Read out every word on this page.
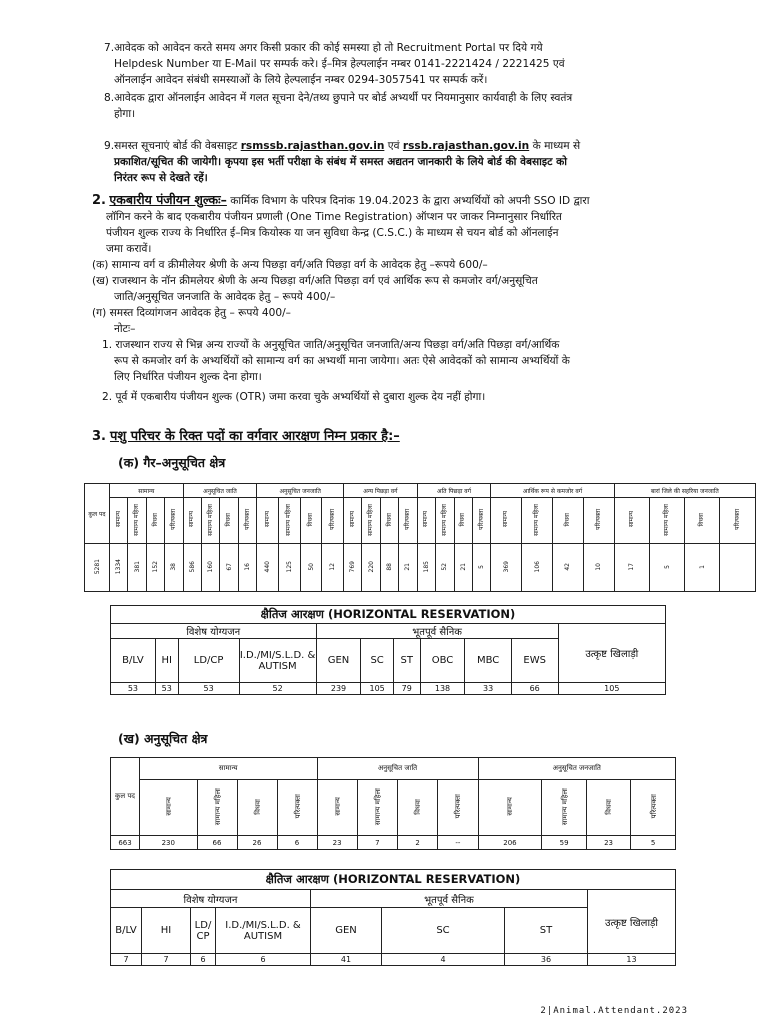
7.आवेदक को आवेदन करते समय अगर किसी प्रकार की कोई समस्या हो तो Recruitment Portal पर दिये गये
Helpdesk Number या E-Mail पर सम्पर्क करे। ई–मित्र हेल्पलाईन नम्बर 0141-2221424 / 2221425 एवं
ऑनलाईन आवेदन संबंधी समस्याओं के लिये हेल्पलाईन नम्बर 0294-3057541 पर सम्पर्क करें।
8.आवेदक द्वारा ऑनलाईन आवेदन में गलत सूचना देने/तथ्य छुपाने पर बोर्ड अभ्यर्थी पर नियमानुसार कार्यवाही के लिए स्वतंत्र
होगा।
9.समस्त सूचनाएं बोर्ड की वेबसाइट rsmssb.rajasthan.gov.in एवं rssb.rajasthan.gov.in के माध्यम से
प्रकाशित/सूचित की जायेगी। कृपया इस भर्ती परीक्षा के संबंध में समस्त अद्यतन जानकारी के लिये बोर्ड की वेबसाइट को
निरंतर रूप से देखते रहें।
2. एकबारीय पंजीयन शुल्कः– कार्मिक विभाग के परिपत्र दिनांक 19.04.2023 के द्वारा अभ्यर्थियों को अपनी SSO ID द्वारा
लॉगिन करने के बाद एकबारीय पंजीयन प्रणाली (One Time Registration) ऑप्शन पर जाकर निम्नानुसार निर्धारित
पंजीयन शुल्क राज्य के निर्धारित ई–मित्र कियोस्क या जन सुविधा केन्द्र (C.S.C.) के माध्यम से चयन बोर्ड को ऑनलाईन
जमा करावें।
(क) सामान्य वर्ग व क्रीमीलेयर श्रेणी के अन्य पिछड़ा वर्ग/अति पिछड़ा वर्ग के आवेदक हेतु –रूपये 600/–
(ख) राजस्थान के नॉन क्रीमलेयर श्रेणी के अन्य पिछड़ा वर्ग/अति पिछड़ा वर्ग एवं आर्थिक रूप से कमजोर वर्ग/अनुसूचित
जाति/अनुसूचित जनजाति के आवेदक हेतु – रूपये 400/–
(ग) समस्त दिव्यांगजन आवेदक हेतु – रूपये 400/–
नोटः–
1. राजस्थान राज्य से भिन्न अन्य राज्यों के अनुसूचित जाति/अनुसूचित जनजाति/अन्य पिछड़ा वर्ग/अति पिछड़ा वर्ग/आर्थिक
रूप से कमजोर वर्ग के अभ्यर्थियों को सामान्य वर्ग का अभ्यर्थी माना जायेगा। अतः ऐसे आवेदकों को सामान्य अभ्यर्थियों के
लिए निर्धारित पंजीयन शुल्क देना होगा।
2. पूर्व में एकबारीय पंजीयन शुल्क (OTR) जमा करवा चुके अभ्यर्थियों से दुबारा शुल्क देय नहीं होगा।
3. पशु परिचर के रिक्त पदों का वर्गवार आरक्षण निम्न प्रकार है:–
(क) गैर–अनुसूचित क्षेत्र
कुल पद	सामान्य				अनुसूचित जाति				अनुसूचित जनजाति				अन्य पिछड़ा वर्ग				अति पिछड़ा वर्ग				आर्थिक रूप से कमजोर वर्ग				बारां जिले की सहरिया जनजाति			
	सामान्य	सामान्य महिला	विधवा	परित्यक्ता	सामान्य	सामान्य महिला	विधवा	परित्यक्ता	सामान्य	सामान्य महिला	विधवा	परित्यक्ता	सामान्य	सामान्य महिला	विधवा	परित्यक्ता	सामान्य	सामान्य महिला	विधवा	परित्यक्ता	सामान्य	सामान्य महिला	विधवा	परित्यक्ता	सामान्य	सामान्य महिला	विधवा	परित्यक्ता
5281	1334	381	152	38	586	160	67	16	440	125	50	12	769	220	88	21	185	52	21	5	369	106	42	10	17	5	1	
क्षैतिज आरक्षण (HORIZONTAL RESERVATION)										
विशेष योग्यजन				भूतपूर्व सैनिक						उत्कृष्ट खिलाड़ी
B/LV	HI	LD/CP	I.D./MI/S.L.D. & AUTISM	GEN	SC	ST	OBC	MBC	EWS	
53	53	53	52	239	105	79	138	33	66	105
(ख) अनुसूचित क्षेत्र
कुल पद	सामान्य				अनुसूचित जाति				अनुसूचित जनजाति			
	सामान्य	सामान्य महिला	विधवा	परित्यक्ता	सामान्य	सामान्य महिला	विधवा	परित्यक्ता	सामान्य	सामान्य महिला	विधवा	परित्यक्ता
663	230	66	26	6	23	7	2	--	206	59	23	5
क्षैतिज आरक्षण (HORIZONTAL RESERVATION)							
विशेष योग्यजन				भूतपूर्व सैनिक			उत्कृष्ट खिलाड़ी
B/LV	HI	LD/ CP	I.D./MI/S.L.D. & AUTISM	GEN	SC	ST	
7	7	6	6	41	4	36	13
2|Animal.Attendant.2023
